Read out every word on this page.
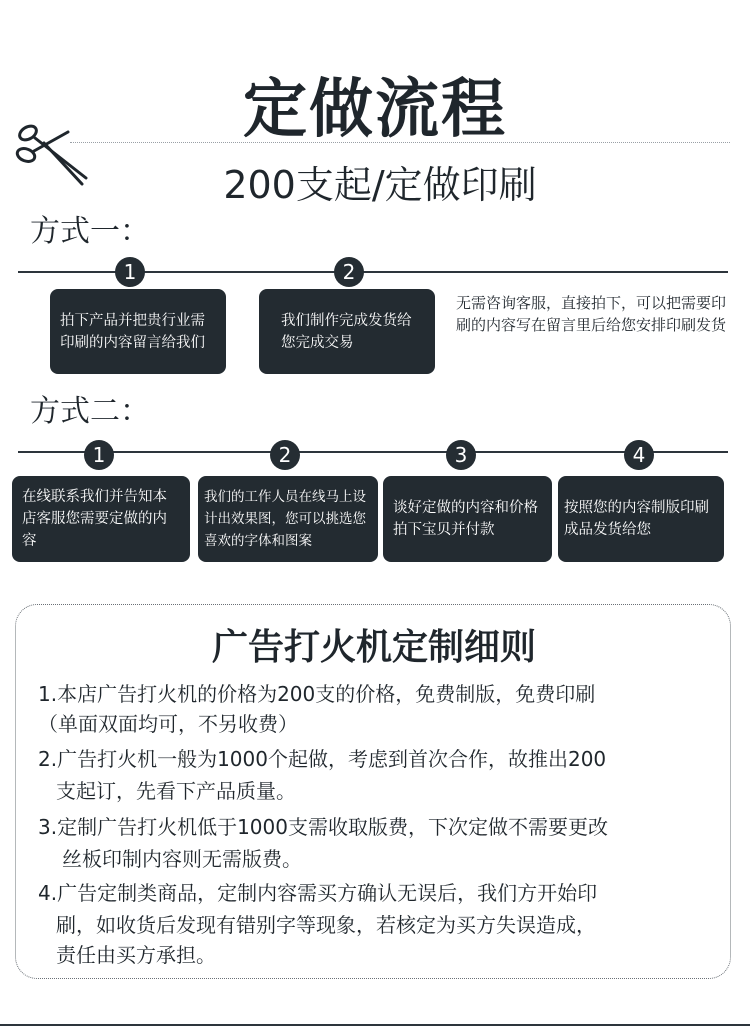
定做流程
200支起/定做印刷
方式一：
1	2
拍下产品并把贵行业需印刷的内容留言给我们
我们制作完成发货给您完成交易
无需咨询客服，直接拍下，可以把需要印刷的内容写在留言里后给您安排印刷发货
方式二：
1	2	3	4
在线联系我们并告知本店客服您需要定做的内容
我们的工作人员在线马上设计出效果图，您可以挑选您喜欢的字体和图案
谈好定做的内容和价格拍下宝贝并付款
按照您的内容制版印刷成品发货给您
广告打火机定制细则
1.本店广告打火机的价格为200支的价格，免费制版，免费印刷
（单面双面均可，不另收费）
2.广告打火机一般为1000个起做，考虑到首次合作，故推出200
支起订，先看下产品质量。
3.定制广告打火机低于1000支需收取版费，下次定做不需要更改
丝板印制内容则无需版费。
4.广告定制类商品，定制内容需买方确认无误后，我们方开始印
刷，如收货后发现有错别字等现象，若核定为买方失误造成，
责任由买方承担。
